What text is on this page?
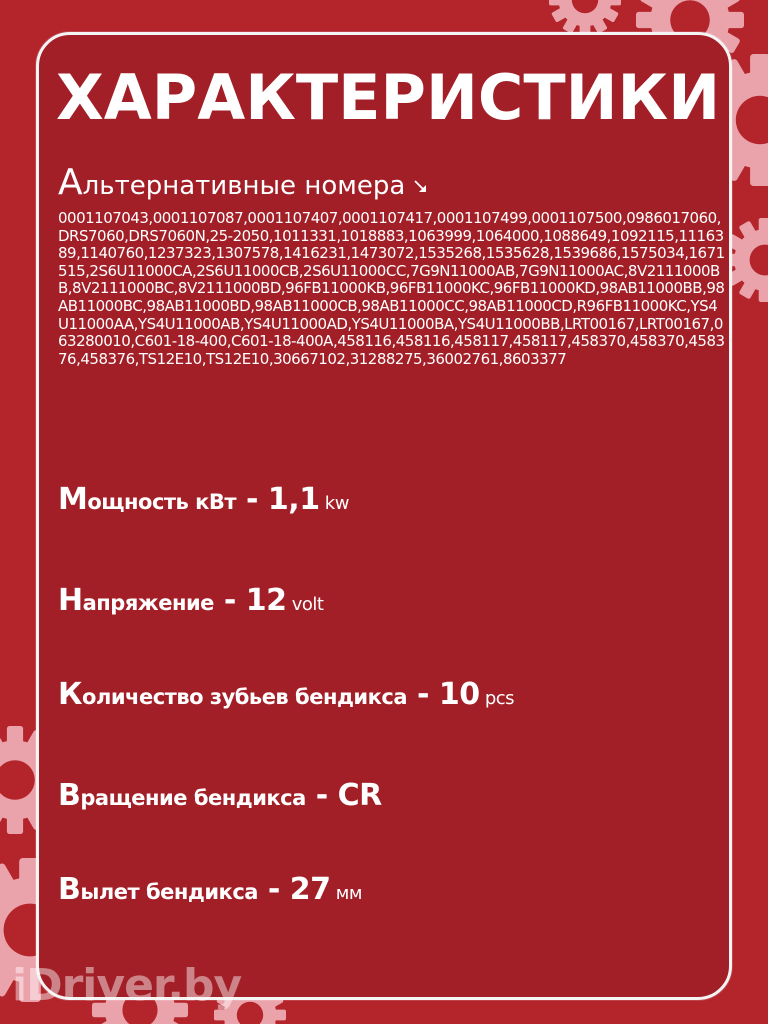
ХАРАКТЕРИСТИКИ
Альтернативные номера

0001107043,0001107087,0001107407,0001107417,0001107499,0001107500,0986017060,DRS7060,DRS7060N,25-2050,1011331,1018883,1063999,1064000,1088649,1092115,1116389,1140760,1237323,1307578,1416231,1473072,1535268,1535628,1539686,1575034,1671515,2S6U11000CA,2S6U11000CB,2S6U11000CC,7G9N11000AB,7G9N11000AC,8V2111000BB,8V2111000BC,8V2111000BD,96FB11000KB,96FB11000KC,96FB11000KD,98AB11000BB,98AB11000BC,98AB11000BD,98AB11000CB,98AB11000CC,98AB11000CD,R96FB11000KC,YS4U11000AA,YS4U11000AB,YS4U11000AD,YS4U11000BA,YS4U11000BB,LRT00167,LRT00167,063280010,C601-18-400,C601-18-400A,458116,458116,458117,458117,458370,458370,458376,458376,TS12E10,TS12E10,30667102,31288275,36002761,8603377

Мощность кВт - 1,1 kw
Напряжение - 12 volt
Количество зубьев бендикса - 10 pcs
Вращение бендикса - CR
Вылет бендикса - 27 мм

iDriver.by
